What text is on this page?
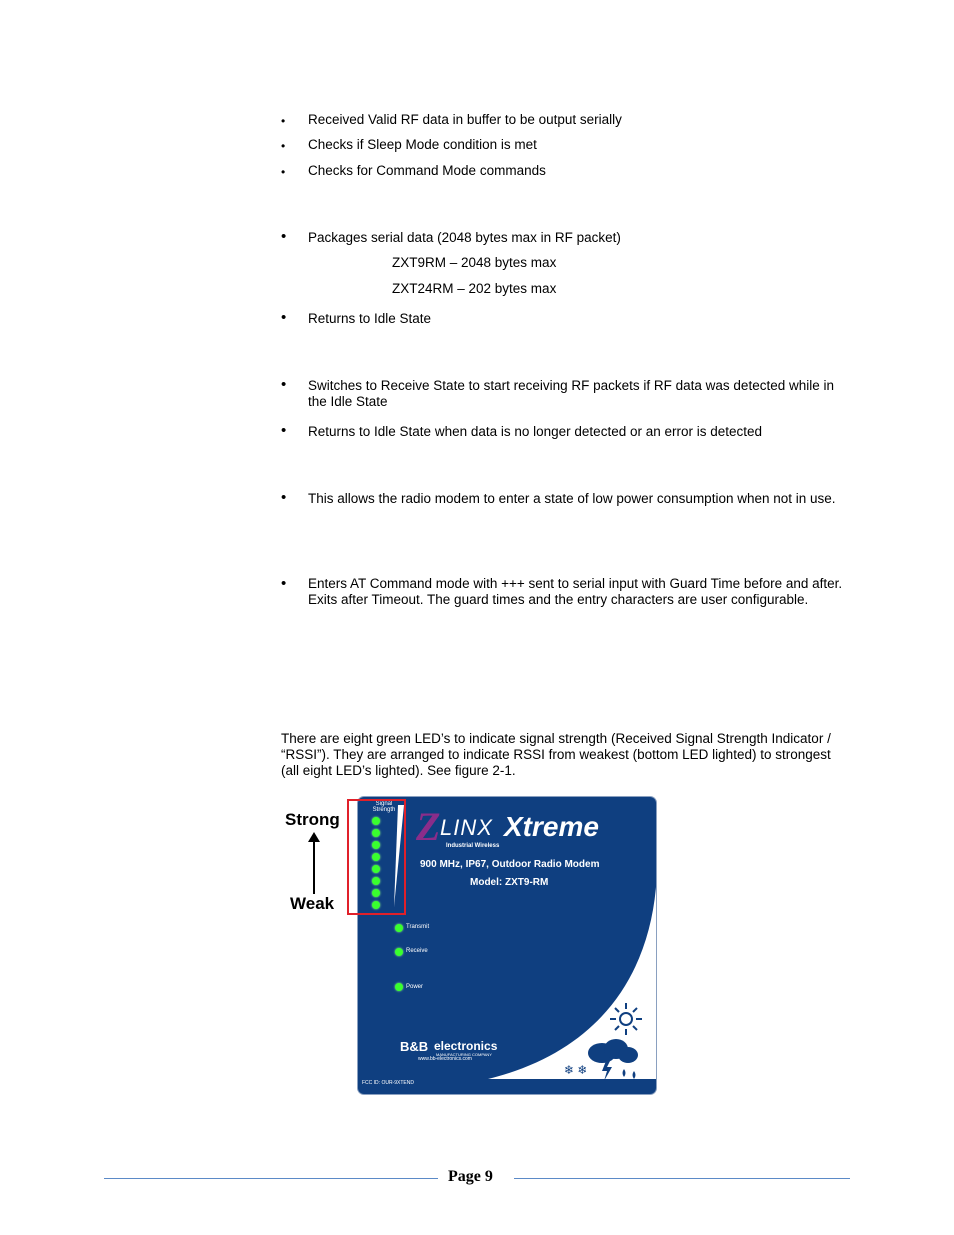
• Received Valid RF data in buffer to be output serially
• Checks if Sleep Mode condition is met
• Checks for Command Mode commands
• Packages serial data (2048 bytes max in RF packet)
ZXT9RM – 2048 bytes max
ZXT24RM – 202 bytes max
• Returns to Idle State
• Switches to Receive State to start receiving RF packets if RF data was detected while in the Idle State
• Returns to Idle State when data is no longer detected or an error is detected
• This allows the radio modem to enter a state of low power consumption when not in use.
• Enters AT Command mode with +++ sent to serial input with Guard Time before and after. Exits after Timeout. The guard times and the entry characters are user configurable.
There are eight green LED’s to indicate signal strength (Received Signal Strength Indicator / “RSSI”). They are arranged to indicate RSSI from weakest (bottom LED lighted) to strongest (all eight LED’s lighted). See figure 2-1.
Strong
Weak
Signal
Strength Z LINX Xtreme
Industrial Wireless
900 MHz, IP67, Outdoor Radio Modem
Model: ZXT9-RM
Transmit
Receive
Power
B&B electronics
MANUFACTURING COMPANY
www.bb-electronics.com
FCC ID: OUR-9XTEND
❄ ❄
Page 9
